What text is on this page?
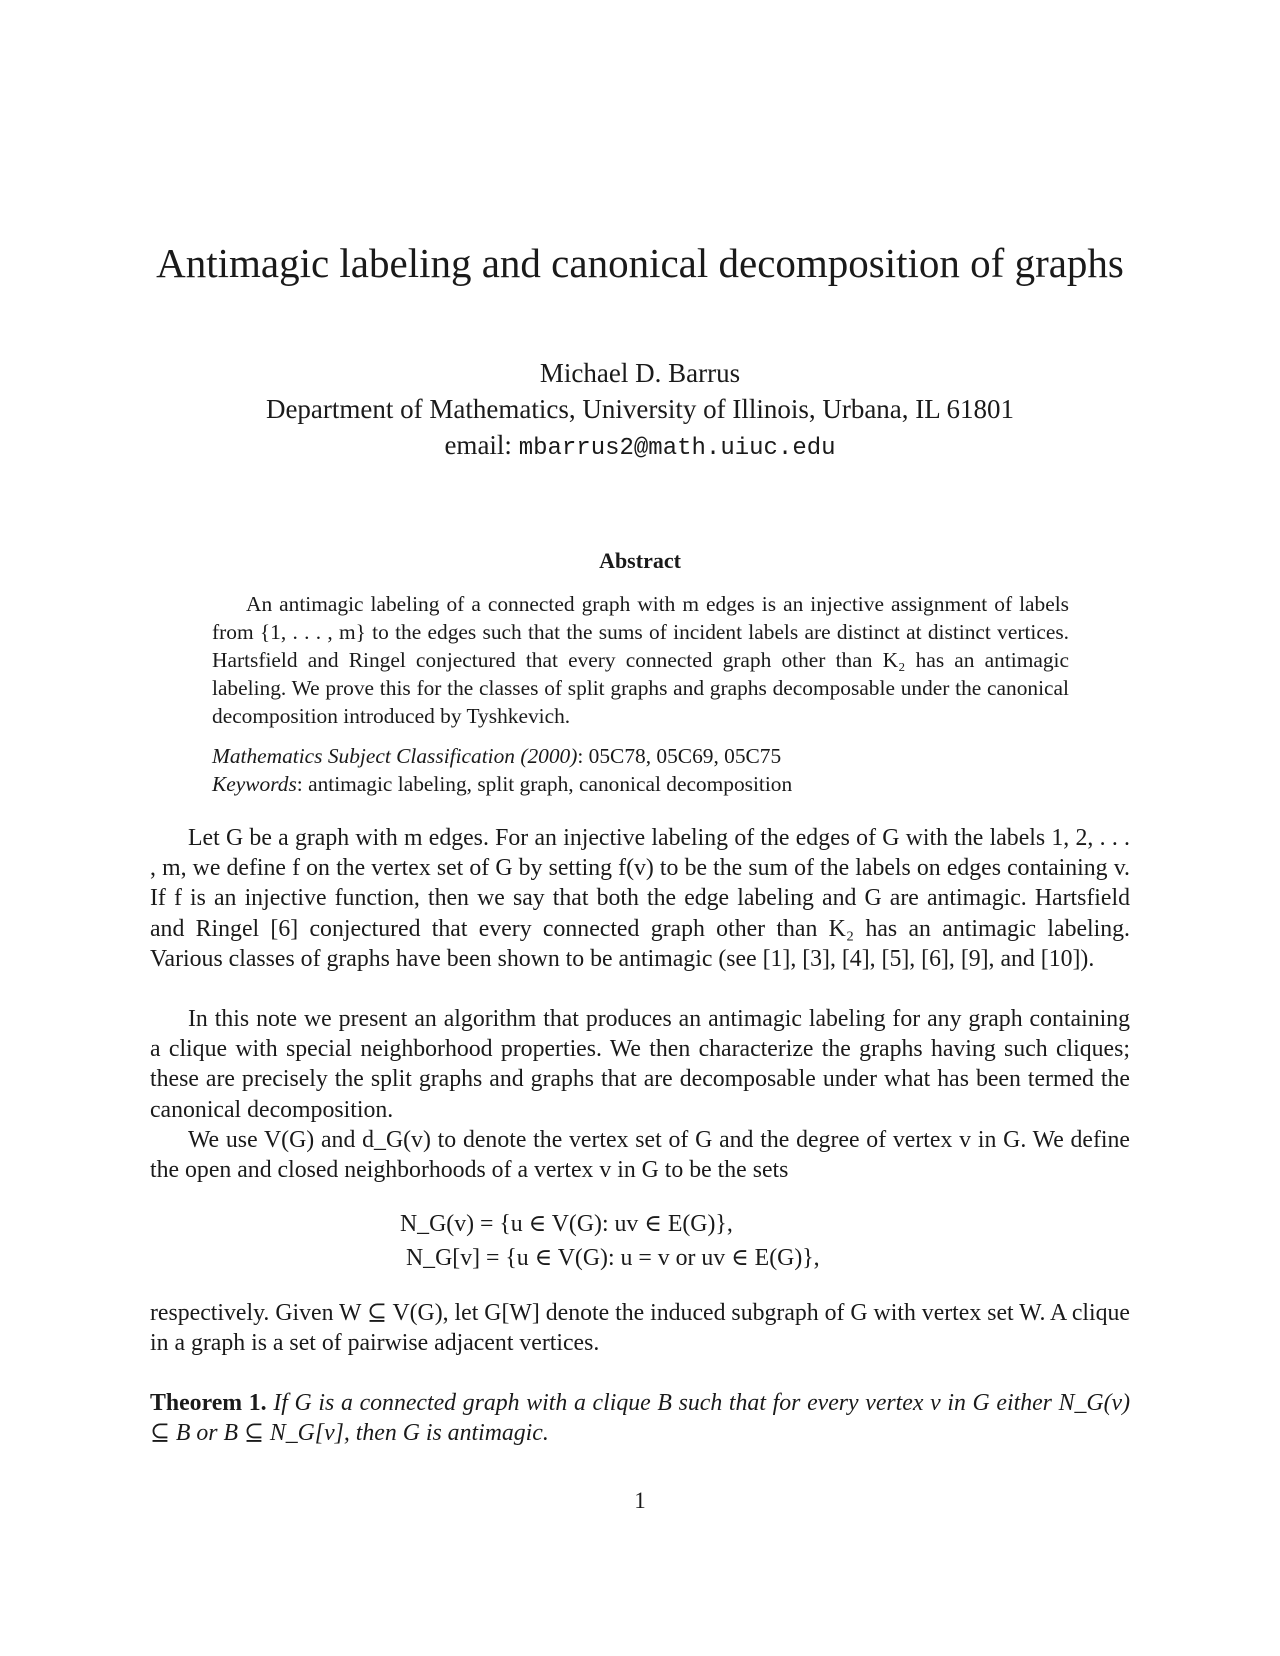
Antimagic labeling and canonical decomposition of graphs

Michael D. Barrus

Department of Mathematics, University of Illinois, Urbana, IL 61801

email: mbarrus2@math.uiuc.edu

Abstract

An antimagic labeling of a connected graph with m edges is an injective assignment of labels from {1, . . . , m} to the edges such that the sums of incident labels are distinct at distinct vertices. Hartsfield and Ringel conjectured that every connected graph other than K₂ has an antimagic labeling. We prove this for the classes of split graphs and graphs decomposable under the canonical decomposition introduced by Tyshkevich.

Mathematics Subject Classification (2000): 05C78, 05C69, 05C75

Keywords: antimagic labeling, split graph, canonical decomposition

Let G be a graph with m edges. For an injective labeling of the edges of G with the labels 1, 2, . . . , m, we define f on the vertex set of G by setting f(v) to be the sum of the labels on edges containing v. If f is an injective function, then we say that both the edge labeling and G are antimagic. Hartsfield and Ringel [6] conjectured that every connected graph other than K₂ has an antimagic labeling. Various classes of graphs have been shown to be antimagic (see [1], [3], [4], [5], [6], [9], and [10]).

In this note we present an algorithm that produces an antimagic labeling for any graph containing a clique with special neighborhood properties. We then characterize the graphs having such cliques; these are precisely the split graphs and graphs that are decomposable under what has been termed the canonical decomposition.

We use V(G) and d_G(v) to denote the vertex set of G and the degree of vertex v in G. We define the open and closed neighborhoods of a vertex v in G to be the sets

N_G(v) = {u ∈ V(G): uv ∈ E(G)},
N_G[v] = {u ∈ V(G): u = v or uv ∈ E(G)},

respectively. Given W ⊆ V(G), let G[W] denote the induced subgraph of G with vertex set W. A clique in a graph is a set of pairwise adjacent vertices.

Theorem 1. If G is a connected graph with a clique B such that for every vertex v in G either N_G(v) ⊆ B or B ⊆ N_G[v], then G is antimagic.

1
